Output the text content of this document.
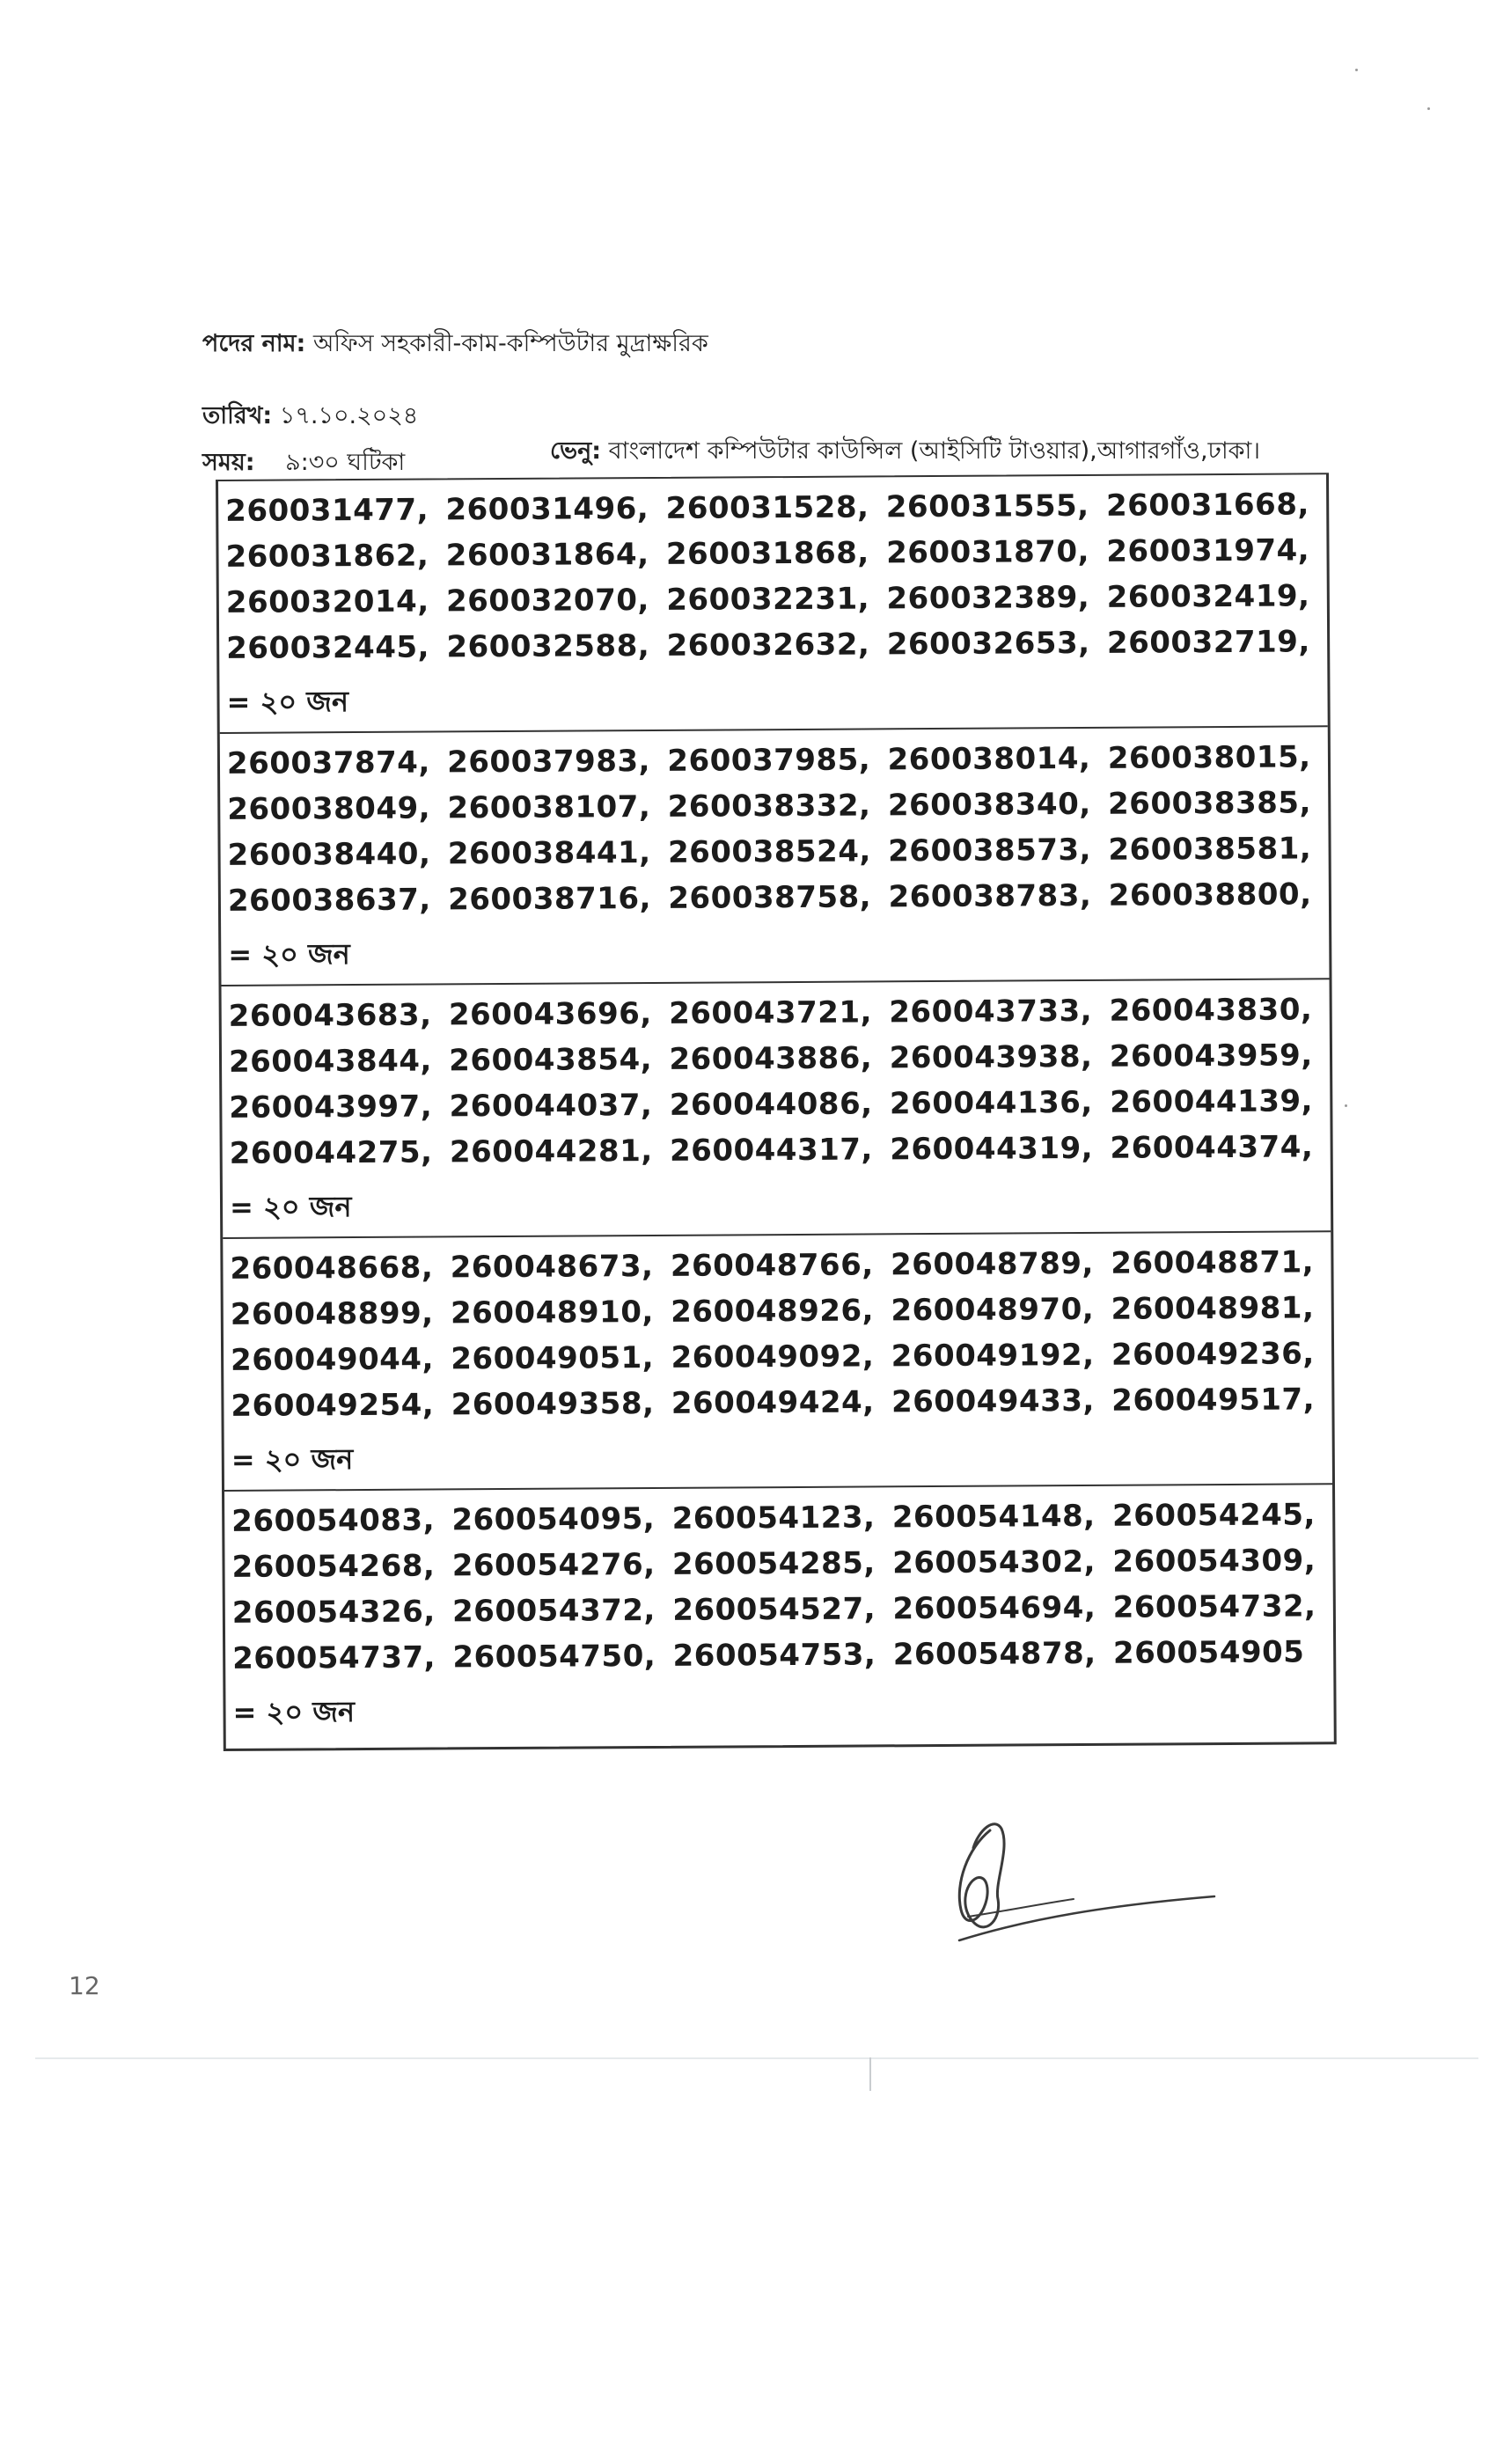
পদের নাম: অফিস সহকারী-কাম-কম্পিউটার মুদ্রাক্ষরিক
তারিখ: ১৭.১০.২০২৪
সময়: ৯:৩০ ঘটিকা	ভেনু: বাংলাদেশ কম্পিউটার কাউন্সিল (আইসিটি টাওয়ার),আগারগাঁও,ঢাকা।
260031477, 260031496, 260031528, 260031555, 260031668,
260031862, 260031864, 260031868, 260031870, 260031974,
260032014, 260032070, 260032231, 260032389, 260032419,
260032445, 260032588, 260032632, 260032653, 260032719,
= ২০ জন
260037874, 260037983, 260037985, 260038014, 260038015,
260038049, 260038107, 260038332, 260038340, 260038385,
260038440, 260038441, 260038524, 260038573, 260038581,
260038637, 260038716, 260038758, 260038783, 260038800,
= ২০ জন
260043683, 260043696, 260043721, 260043733, 260043830,
260043844, 260043854, 260043886, 260043938, 260043959,
260043997, 260044037, 260044086, 260044136, 260044139,
260044275, 260044281, 260044317, 260044319, 260044374,
= ২০ জন
260048668, 260048673, 260048766, 260048789, 260048871,
260048899, 260048910, 260048926, 260048970, 260048981,
260049044, 260049051, 260049092, 260049192, 260049236,
260049254, 260049358, 260049424, 260049433, 260049517,
= ২০ জন
260054083, 260054095, 260054123, 260054148, 260054245,
260054268, 260054276, 260054285, 260054302, 260054309,
260054326, 260054372, 260054527, 260054694, 260054732,
260054737, 260054750, 260054753, 260054878, 260054905
= ২০ জন
12
